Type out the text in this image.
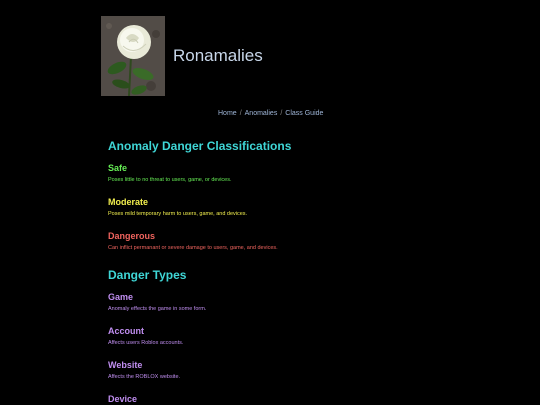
Ronamalies
Home / Anomalies / Class Guide
Anomaly Danger Classifications
Safe

Poses little to no threat to users, game, or devices.

Moderate

Poses mild temporary harm to users, game, and devices.

Dangerous

Can inflict permanant or severe damage to users, game, and devices.

Danger Types
Game

Anomaly effects the game in some form.

Account

Affects users Roblox accounts.

Website

Affects the ROBLOX website.

Device
